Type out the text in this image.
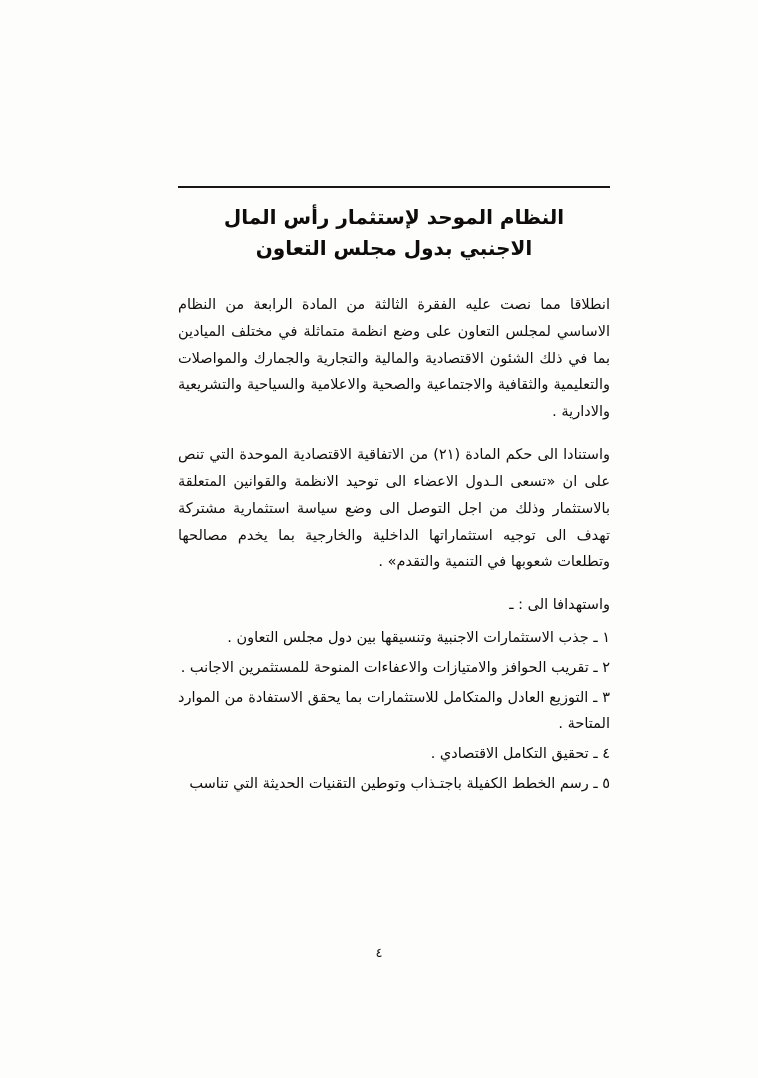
النظام الموحد لإستثمار رأس المال
الاجنبي بدول مجلس التعاون

انطلاقا مما نصت عليه الفقرة الثالثة من المادة الرابعة من النظام الاساسي لمجلس التعاون على وضع انظمة متماثلة في مختلف الميادين بما في ذلك الشئون الاقتصادية والمالية والتجارية والجمارك والمواصلات والتعليمية والثقافية والاجتماعية والصحية والاعلامية والسياحية والتشريعية والادارية .

واستنادا الى حكم المادة (٢١) من الاتفاقية الاقتصادية الموحدة التي تنص على ان «تسعى الـدول الاعضاء الى توحيد الانظمة والقوانين المتعلقة بالاستثمار وذلك من اجل التوصل الى وضع سياسة استثمارية مشتركة تهدف الى توجيه استثماراتها الداخلية والخارجية بما يخدم مصالحها وتطلعات شعوبها في التنمية والتقدم» .

واستهدافا الى : ـ
١ ـ جذب الاستثمارات الاجنبية وتنسيقها بين دول مجلس التعاون .
٢ ـ تقريب الحوافز والامتيازات والاعفاءات المنوحة للمستثمرين الاجانب .
٣ ـ التوزيع العادل والمتكامل للاستثمارات بما يحقق الاستفادة من الموارد المتاحة .
٤ ـ تحقيق التكامل الاقتصادي .
٥ ـ رسم الخطط الكفيلة باجتـذاب وتوطين التقنيات الحديثة التي تناسب
٤
